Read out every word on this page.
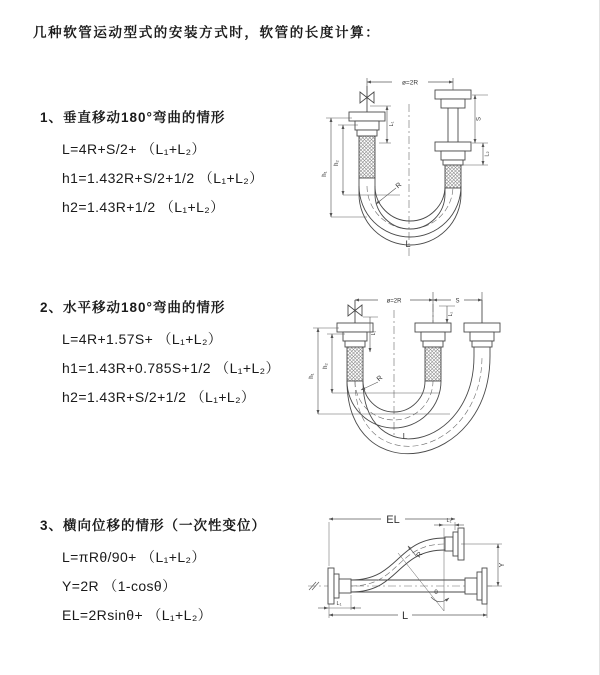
几种软管运动型式的安装方式时，软管的长度计算：
1、垂直移动180°弯曲的情形
L=4R+S/2+ （L₁+L₂）
h1=1.432R+S/2+1/2 （L₁+L₂）
h2=1.43R+1/2 （L₁+L₂）
2、水平移动180°弯曲的情形
L=4R+1.57S+ （L₁+L₂）
h1=1.43R+0.785S+1/2 （L₁+L₂）
h2=1.43R+S/2+1/2 （L₁+L₂）
3、横向位移的情形（一次性变位）
L=πRθ/90+ （L₁+L₂）
Y=2R （1-cosθ）
EL=2Rsinθ+ （L₁+L₂）
ø=2R
L₁
S
L₂
h₁
h₂
R
L
ø=2R	S
L₁
L₂
h₁
h₂
R
L
θ
R
EL	L₁
Y
L
L₁
